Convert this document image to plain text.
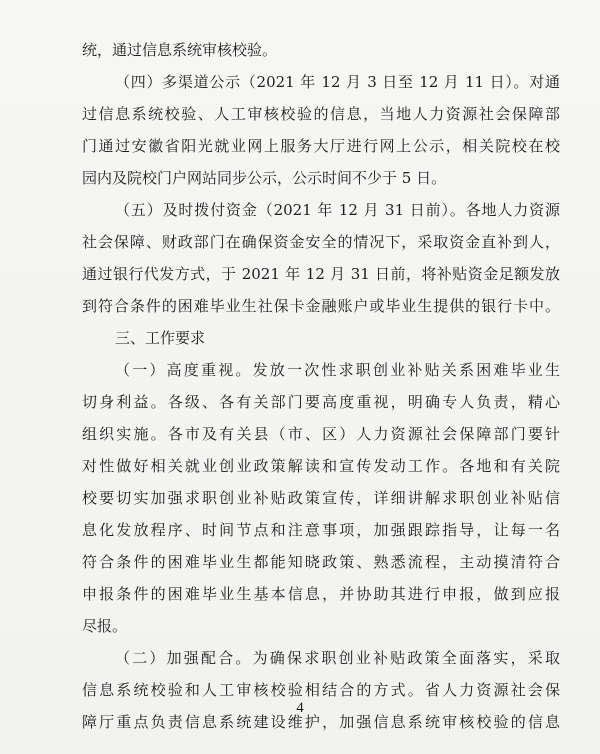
统，通过信息系统审核校验。
（四）多渠道公示（2021 年 12 月 3 日至 12 月 11 日）。对通
过信息系统校验、人工审核校验的信息，当地人力资源社会保障部
门通过安徽省阳光就业网上服务大厅进行网上公示，相关院校在校
园内及院校门户网站同步公示，公示时间不少于 5 日。
（五）及时拨付资金（2021 年 12 月 31 日前）。各地人力资源
社会保障、财政部门在确保资金安全的情况下，采取资金直补到人，
通过银行代发方式，于 2021 年 12 月 31 日前，将补贴资金足额发放
到符合条件的困难毕业生社保卡金融账户或毕业生提供的银行卡中。
三、工作要求
（一）高度重视。发放一次性求职创业补贴关系困难毕业生
切身利益。各级、各有关部门要高度重视，明确专人负责，精心
组织实施。各市及有关县（市、区）人力资源社会保障部门要针
对性做好相关就业创业政策解读和宣传发动工作。各地和有关院
校要切实加强求职创业补贴政策宣传，详细讲解求职创业补贴信
息化发放程序、时间节点和注意事项，加强跟踪指导，让每一名
符合条件的困难毕业生都能知晓政策、熟悉流程，主动摸清符合
申报条件的困难毕业生基本信息，并协助其进行申报，做到应报
尽报。
（二）加强配合。为确保求职创业补贴政策全面落实，采取
信息系统校验和人工审核校验相结合的方式。省人力资源社会保
障厅重点负责信息系统建设维护，加强信息系统审核校验的信息
4
